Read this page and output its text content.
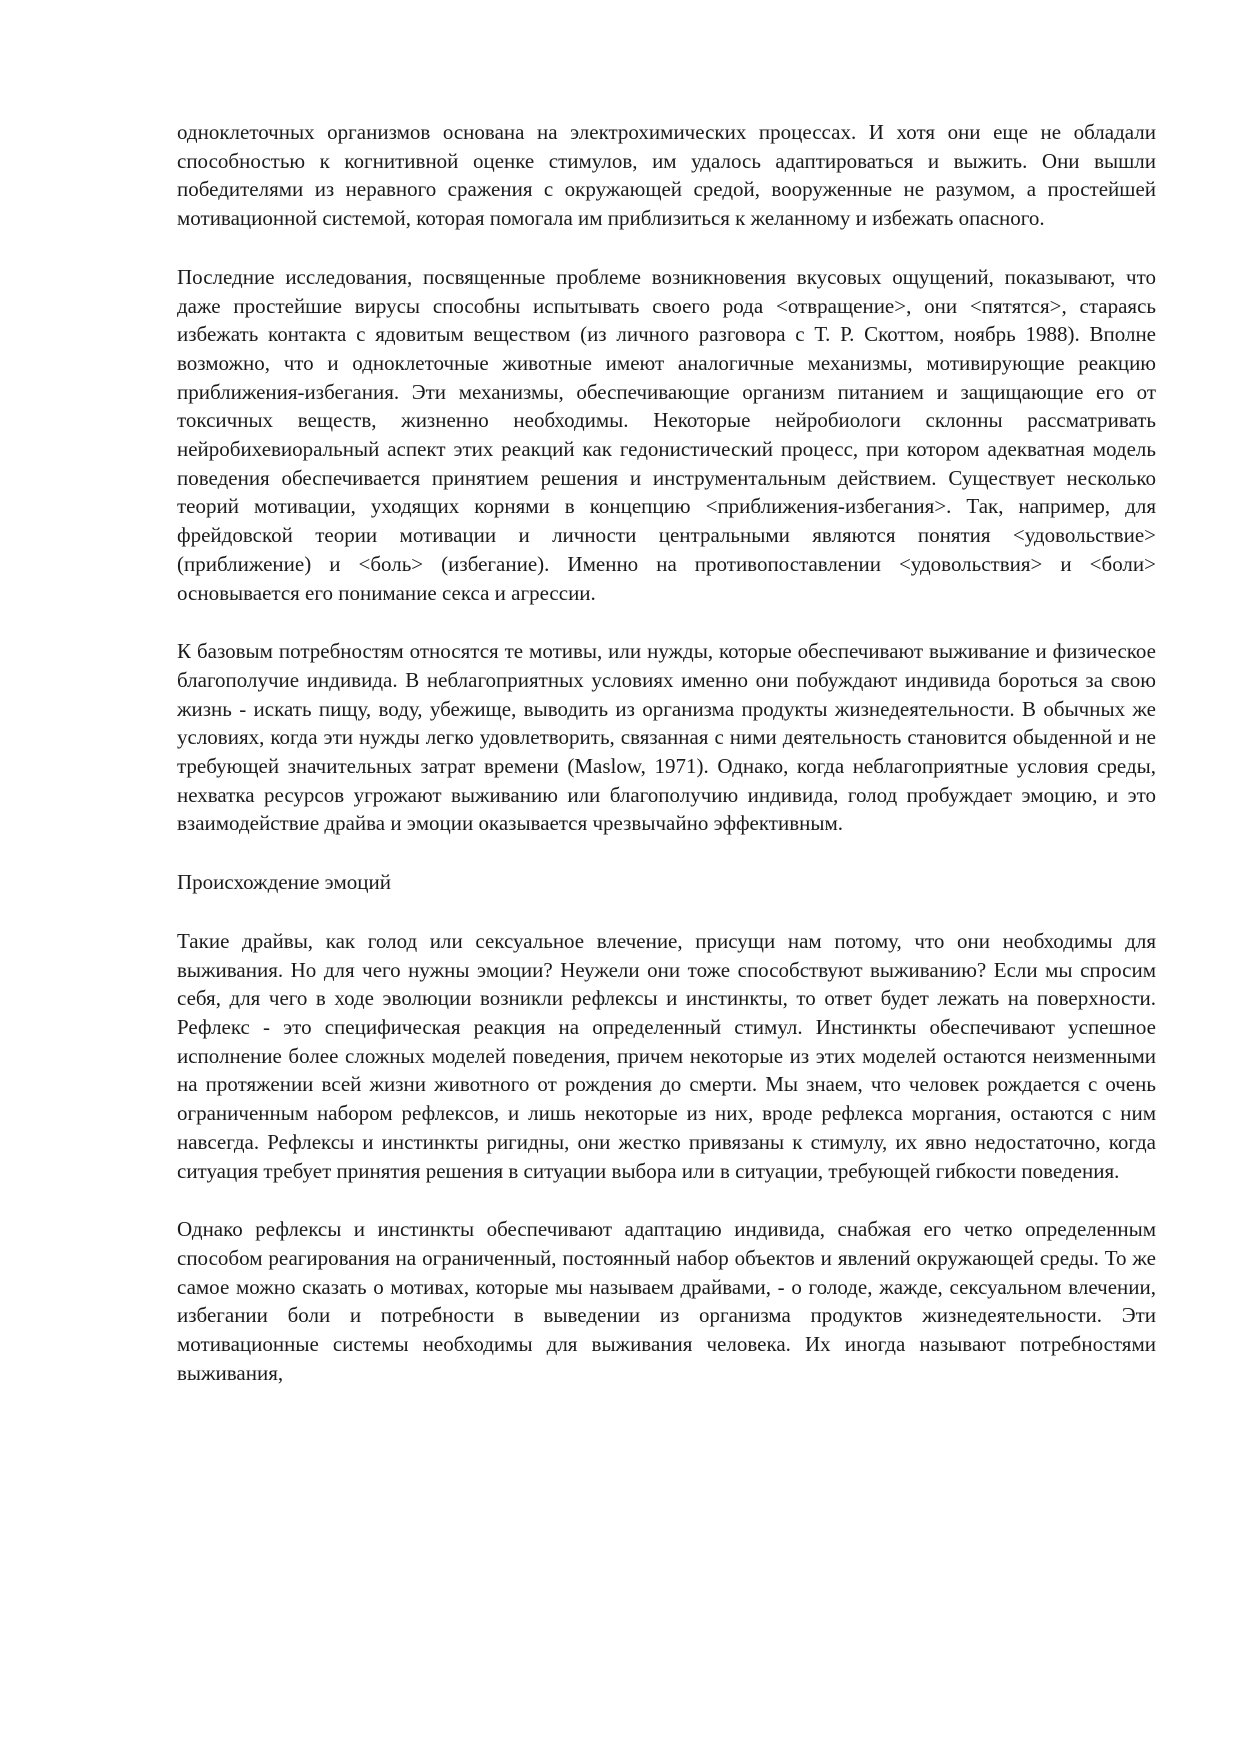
одноклеточных организмов основана на электрохимических процессах. И хотя они еще не обладали способностью к когнитивной оценке стимулов, им удалось адаптироваться и выжить. Они вышли победителями из неравного сражения с окружающей средой, вооруженные не разумом, а простейшей мотивационной системой, которая помогала им приблизиться к желанному и избежать опасного.

Последние исследования, посвященные проблеме возникновения вкусовых ощущений, показывают, что даже простейшие вирусы способны испытывать своего рода <отвращение>, они <пятятся>, стараясь избежать контакта с ядовитым веществом (из личного разговора с Т. Р. Скоттом, ноябрь 1988). Вполне возможно, что и одноклеточные животные имеют аналогичные механизмы, мотивирующие реакцию приближения-избегания. Эти механизмы, обеспечивающие организм питанием и защищающие его от токсичных веществ, жизненно необходимы. Некоторые нейробиологи склонны рассматривать нейробихевиоральный аспект этих реакций как гедонистический процесс, при котором адекватная модель поведения обеспечивается принятием решения и инструментальным действием. Существует несколько теорий мотивации, уходящих корнями в концепцию <приближения-избегания>. Так, например, для фрейдовской теории мотивации и личности центральными являются понятия <удовольствие> (приближение) и <боль> (избегание). Именно на противопоставлении <удовольствия> и <боли> основывается его понимание секса и агрессии.

К базовым потребностям относятся те мотивы, или нужды, которые обеспечивают выживание и физическое благополучие индивида. В неблагоприятных условиях именно они побуждают индивида бороться за свою жизнь - искать пищу, воду, убежище, выводить из организма продукты жизнедеятельности. В обычных же условиях, когда эти нужды легко удовлетворить, связанная с ними деятельность становится обыденной и не требующей значительных затрат времени (Maslow, 1971). Однако, когда неблагоприятные условия среды, нехватка ресурсов угрожают выживанию или благополучию индивида, голод пробуждает эмоцию, и это взаимодействие драйва и эмоции оказывается чрезвычайно эффективным.

Происхождение эмоций

Такие драйвы, как голод или сексуальное влечение, присущи нам потому, что они необходимы для выживания. Но для чего нужны эмоции? Неужели они тоже способствуют выживанию? Если мы спросим себя, для чего в ходе эволюции возникли рефлексы и инстинкты, то ответ будет лежать на поверхности. Рефлекс - это специфическая реакция на определенный стимул. Инстинкты обеспечивают успешное исполнение более сложных моделей поведения, причем некоторые из этих моделей остаются неизменными на протяжении всей жизни животного от рождения до смерти. Мы знаем, что человек рождается с очень ограниченным набором рефлексов, и лишь некоторые из них, вроде рефлекса моргания, остаются с ним навсегда. Рефлексы и инстинкты ригидны, они жестко привязаны к стимулу, их явно недостаточно, когда ситуация требует принятия решения в ситуации выбора или в ситуации, требующей гибкости поведения.

Однако рефлексы и инстинкты обеспечивают адаптацию индивида, снабжая его четко определенным способом реагирования на ограниченный, постоянный набор объектов и явлений окружающей среды. То же самое можно сказать о мотивах, которые мы называем драйвами, - о голоде, жажде, сексуальном влечении, избегании боли и потребности в выведении из организма продуктов жизнедеятельности. Эти мотивационные системы необходимы для выживания человека. Их иногда называют потребностями выживания,
